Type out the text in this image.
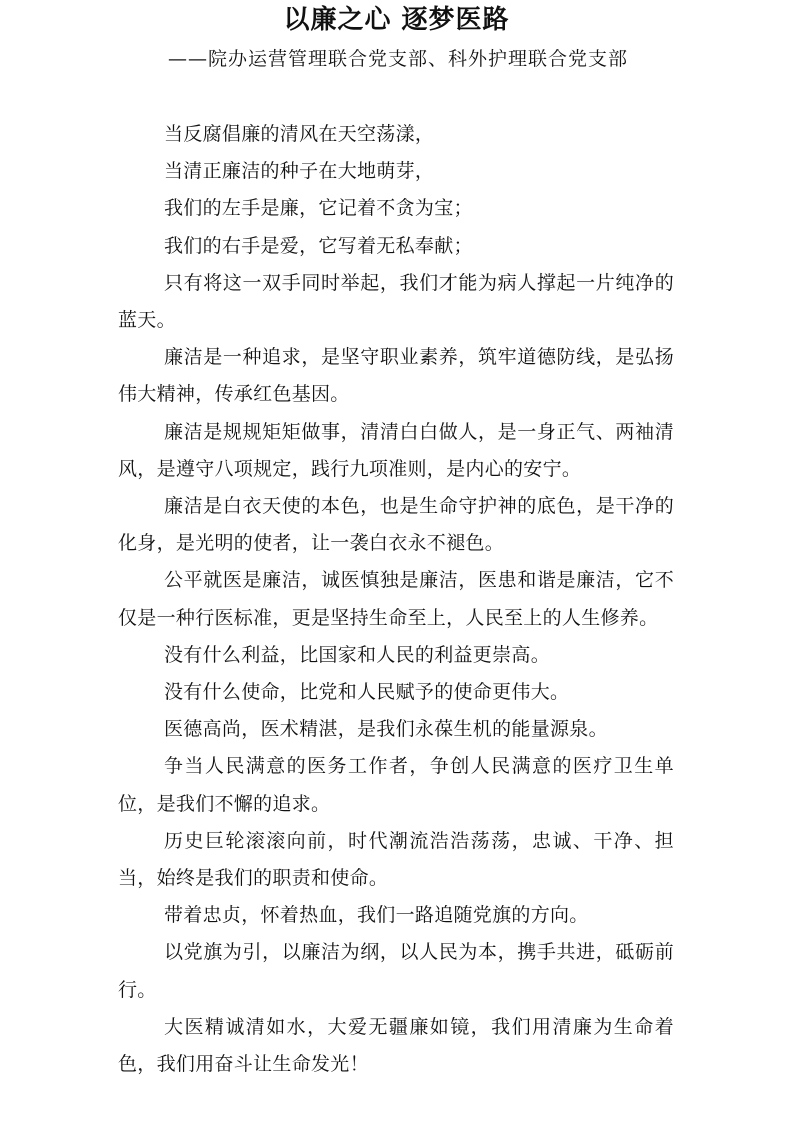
以廉之心 逐梦医路
——院办运营管理联合党支部、科外护理联合党支部

当反腐倡廉的清风在天空荡漾，

当清正廉洁的种子在大地萌芽，

我们的左手是廉，它记着不贪为宝；

我们的右手是爱，它写着无私奉献；

只有将这一双手同时举起，我们才能为病人撑起一片纯净的蓝天。

廉洁是一种追求，是坚守职业素养，筑牢道德防线，是弘扬伟大精神，传承红色基因。

廉洁是规规矩矩做事，清清白白做人，是一身正气、两袖清风，是遵守八项规定，践行九项准则，是内心的安宁。

廉洁是白衣天使的本色，也是生命守护神的底色，是干净的化身，是光明的使者，让一袭白衣永不褪色。

公平就医是廉洁，诚医慎独是廉洁，医患和谐是廉洁，它不仅是一种行医标准，更是坚持生命至上，人民至上的人生修养。

没有什么利益，比国家和人民的利益更崇高。

没有什么使命，比党和人民赋予的使命更伟大。

医德高尚，医术精湛，是我们永葆生机的能量源泉。

争当人民满意的医务工作者，争创人民满意的医疗卫生单位，是我们不懈的追求。

历史巨轮滚滚向前，时代潮流浩浩荡荡，忠诚、干净、担当，始终是我们的职责和使命。

带着忠贞，怀着热血，我们一路追随党旗的方向。

以党旗为引，以廉洁为纲，以人民为本，携手共进，砥砺前行。

大医精诚清如水，大爱无疆廉如镜，我们用清廉为生命着色，我们用奋斗让生命发光！
